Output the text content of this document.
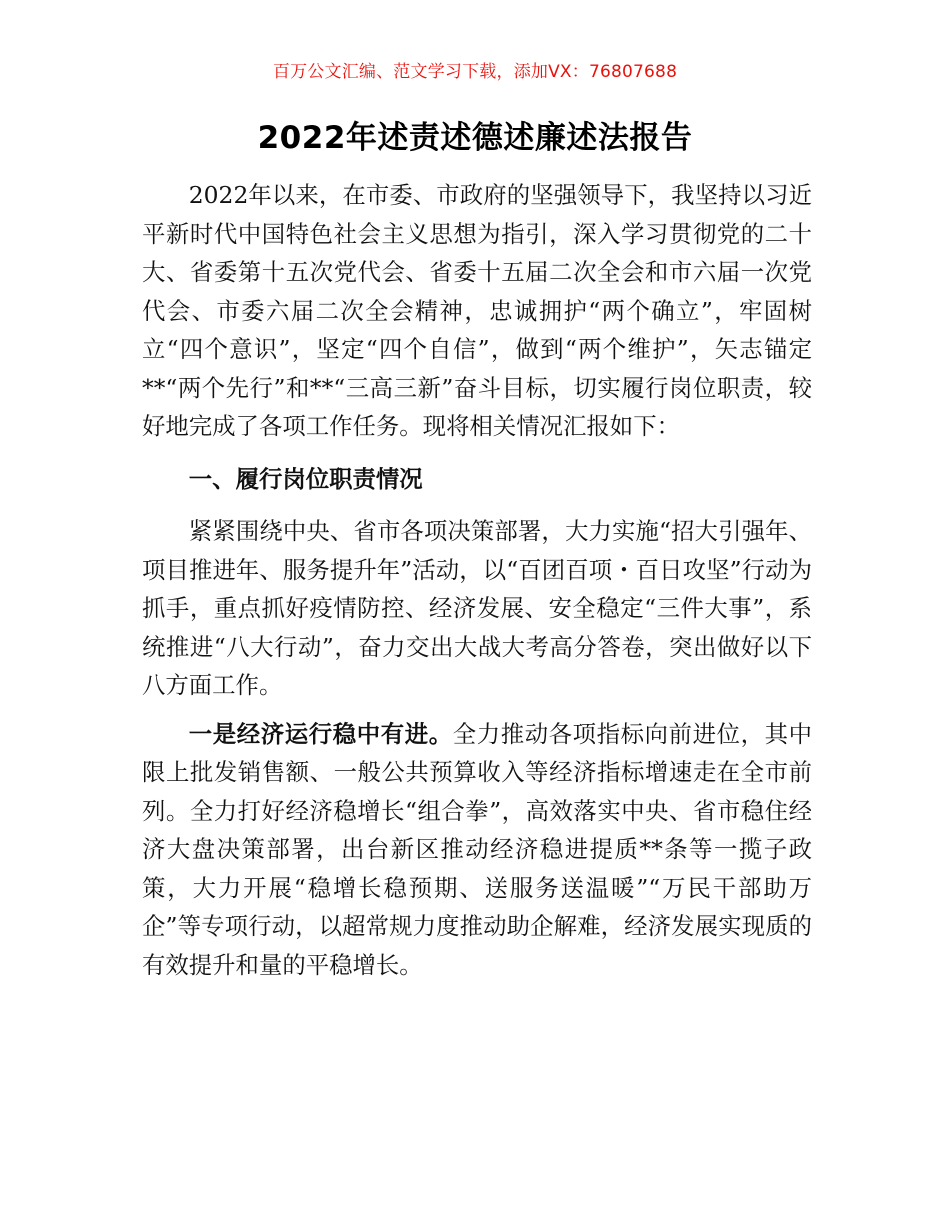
百万公文汇编、范文学习下载，添加VX：76807688
2022年述责述德述廉述法报告

2022年以来，在市委、市政府的坚强领导下，我坚持以习近平新时代中国特色社会主义思想为指引，深入学习贯彻党的二十大、省委第十五次党代会、省委十五届二次全会和市六届一次党代会、市委六届二次全会精神，忠诚拥护“两个确立”，牢固树立“四个意识”，坚定“四个自信”，做到“两个维护”，矢志锚定**“两个先行”和**“三高三新”奋斗目标，切实履行岗位职责，较好地完成了各项工作任务。现将相关情况汇报如下：

一、履行岗位职责情况

紧紧围绕中央、省市各项决策部署，大力实施“招大引强年、项目推进年、服务提升年”活动，以“百团百项・百日攻坚”行动为抓手，重点抓好疫情防控、经济发展、安全稳定“三件大事”，系统推进“八大行动”，奋力交出大战大考高分答卷，突出做好以下八方面工作。

一是经济运行稳中有进。全力推动各项指标向前进位，其中限上批发销售额、一般公共预算收入等经济指标增速走在全市前列。全力打好经济稳增长“组合拳”，高效落实中央、省市稳住经济大盘决策部署，出台新区推动经济稳进提质**条等一揽子政策，大力开展“稳增长稳预期、送服务送温暖”“万民干部助万企”等专项行动，以超常规力度推动助企解难，经济发展实现质的有效提升和量的平稳增长。
